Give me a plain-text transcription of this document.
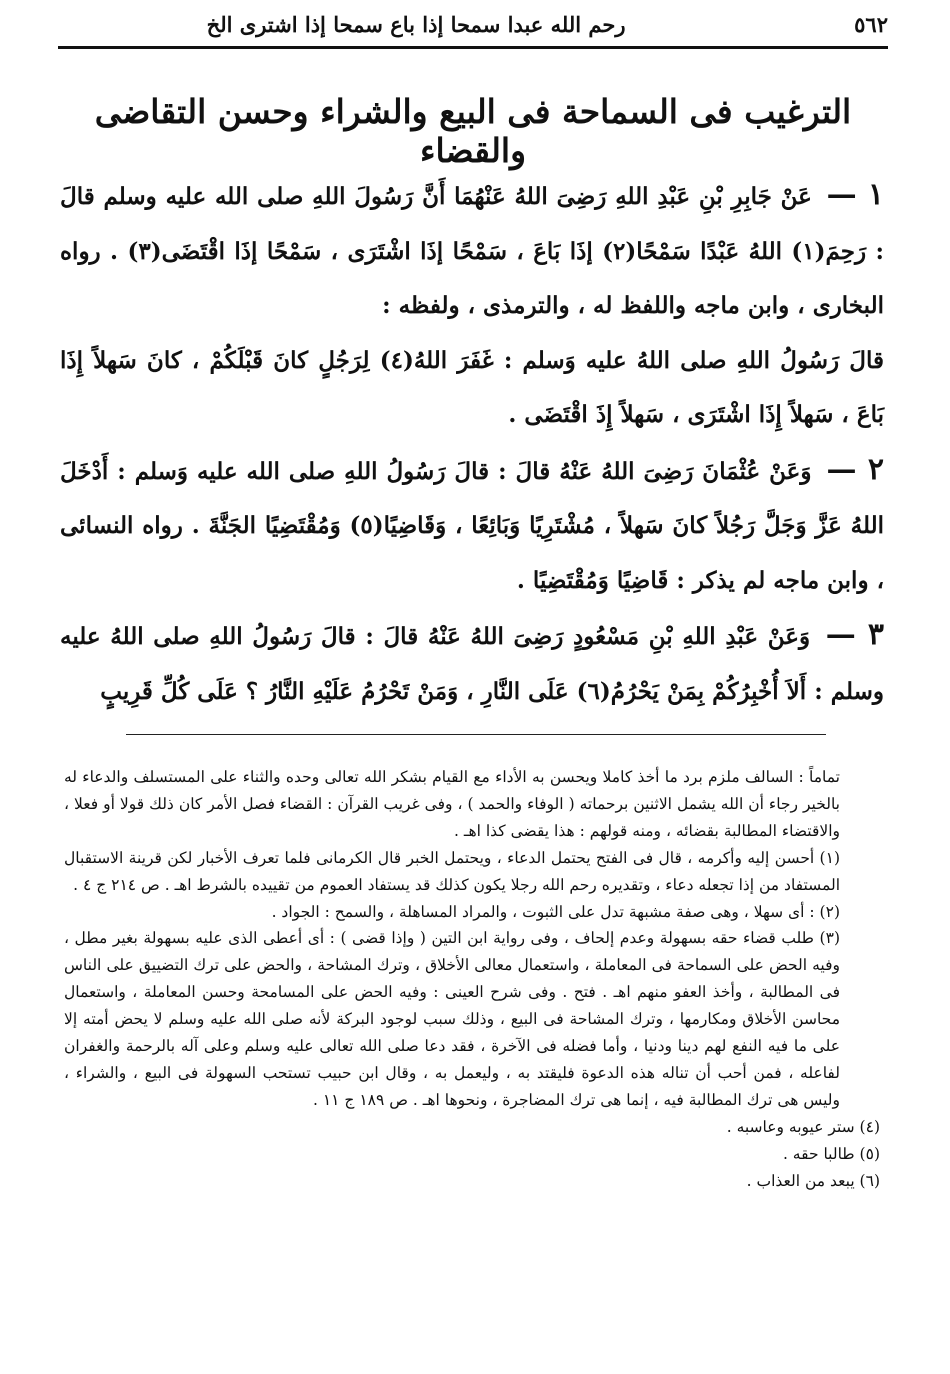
٥٦٢
رحم الله عبدا سمحا إذا باع سمحا إذا اشترى الخ
الترغيب فى السماحة فى البيع والشراء وحسن التقاضى والقضاء

١ — عَنْ جَابِرِ بْنِ عَبْدِ اللهِ رَضِىَ اللهُ عَنْهُمَا أَنَّ رَسُولَ اللهِ صلى الله عليه وسلم قالَ : رَحِمَ(١) اللهُ عَبْدًا سَمْحًا(٢) إذَا بَاعَ ، سَمْحًا إذَا اشْتَرَى ، سَمْحًا إذَا اقْتَضَى(٣) . رواه البخارى ، وابن ماجه واللفظ له ، والترمذى ، ولفظه :

قالَ رَسُولُ اللهِ صلى اللهُ عليه وَسلم : غَفَرَ اللهُ(٤) لِرَجُلٍ كانَ قَبْلَكُمْ ، كانَ سَهلاً إِذَا بَاعَ ، سَهلاً إِذَا اشْتَرَى ، سَهلاً إِذَ اقْتَضَى .

٢ — وَعَنْ عُثْمَانَ رَضِىَ اللهُ عَنْهُ قالَ : قالَ رَسُولُ اللهِ صلى الله عليه وَسلم : أَدْخَلَ اللهُ عَزَّ وَجَلَّ رَجُلاً كانَ سَهلاً ، مُشْتَرِيًا وَبَائِعًا ، وَقَاضِيًا(٥) وَمُقْتَضِيًا الجَنَّةَ . رواه النسائى ، وابن ماجه لم يذكر : قَاضِيًا وَمُقْتَضِيًا .

٣ — وَعَنْ عَبْدِ اللهِ بْنِ مَسْعُودٍ رَضِىَ اللهُ عَنْهُ قالَ : قالَ رَسُولُ اللهِ صلى اللهُ عليه وسلم : أَلاَ أُخْبِرُكُمْ بِمَنْ يَحْرُمُ(٦) عَلَى النَّارِ ، وَمَنْ تَحْرُمُ عَلَيْهِ النَّارُ ؟ عَلَى كُلِّ قَرِيبٍ

تماماً : السالف ملزم برد ما أخذ كاملا ويحسن به الأداء مع القيام بشكر الله تعالى وحده والثناء على المستسلف والدعاء له بالخير رجاء أن الله يشمل الاثنين برحماته ( الوفاء والحمد ) ، وفى غريب القرآن : القضاء فصل الأمر كان ذلك قولا أو فعلا ، والاقتضاء المطالبة بقضائه ، ومنه قولهم : هذا يقضى كذا اهـ .

(١) أحسن إليه وأكرمه ، قال فى الفتح يحتمل الدعاء ، ويحتمل الخبر قال الكرمانى فلما تعرف الأخبار لكن قرينة الاستقبال المستفاد من إذا تجعله دعاء ، وتقديره رحم الله رجلا يكون كذلك قد يستفاد العموم من تقييده بالشرط اهـ . ص ٢١٤ ج ٤ .

(٢) : أى سهلا ، وهى صفة مشبهة تدل على الثبوت ، والمراد المساهلة ، والسمح : الجواد .

(٣) طلب قضاء حقه بسهولة وعدم إلحاف ، وفى رواية ابن التين ( وإذا قضى ) : أى أعطى الذى عليه بسهولة بغير مطل ، وفيه الحض على السماحة فى المعاملة ، واستعمال معالى الأخلاق ، وترك المشاحة ، والحض على ترك التضييق على الناس فى المطالبة ، وأخذ العفو منهم اهـ . فتح . وفى شرح العينى : وفيه الحض على المسامحة وحسن المعاملة ، واستعمال محاسن الأخلاق ومكارمها ، وترك المشاحة فى البيع ، وذلك سبب لوجود البركة لأنه صلى الله عليه وسلم لا يحض أمته إلا على ما فيه النفع لهم دينا ودنيا ، وأما فضله فى الآخرة ، فقد دعا صلى الله تعالى عليه وسلم وعلى آله بالرحمة والغفران لفاعله ، فمن أحب أن تناله هذه الدعوة فليقتد به ، وليعمل به ، وقال ابن حبيب تستحب السهولة فى البيع ، والشراء ، وليس هى ترك المطالبة فيه ، إنما هى ترك المضاجرة ، ونحوها اهـ . ص ١٨٩ ج ١١ .

(٤) ستر عيوبه وعاسبه .

(٥) طالبا حقه .

(٦) يبعد من العذاب .
